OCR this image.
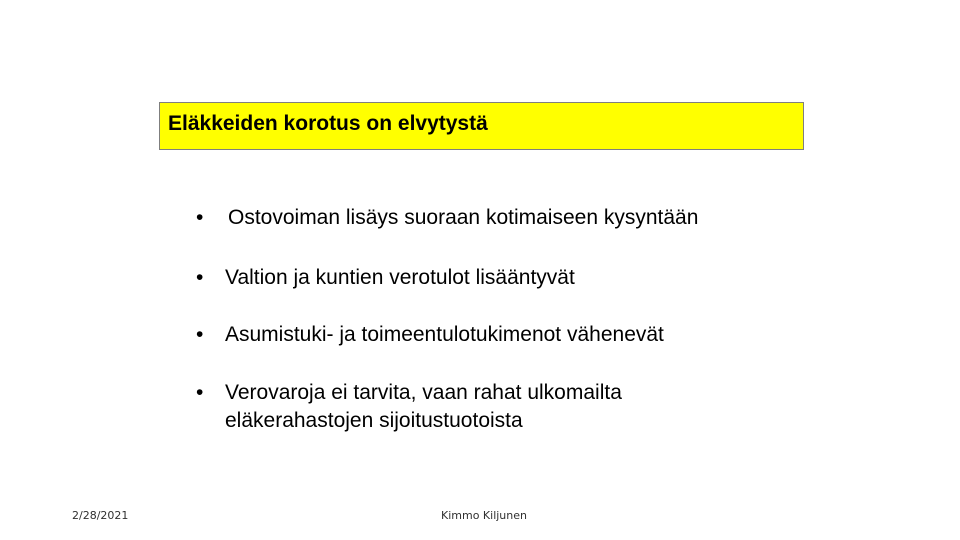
Eläkkeiden korotus on elvytystä
•	Ostovoiman lisäys suoraan kotimaiseen kysyntään
•	Valtion ja kuntien verotulot lisääntyvät
•	Asumistuki- ja toimeentulotukimenot vähenevät
•	Verovaroja ei tarvita, vaan rahat ulkomailta
eläkerahastojen sijoitustuotoista
2/28/2021	Kimmo Kiljunen
